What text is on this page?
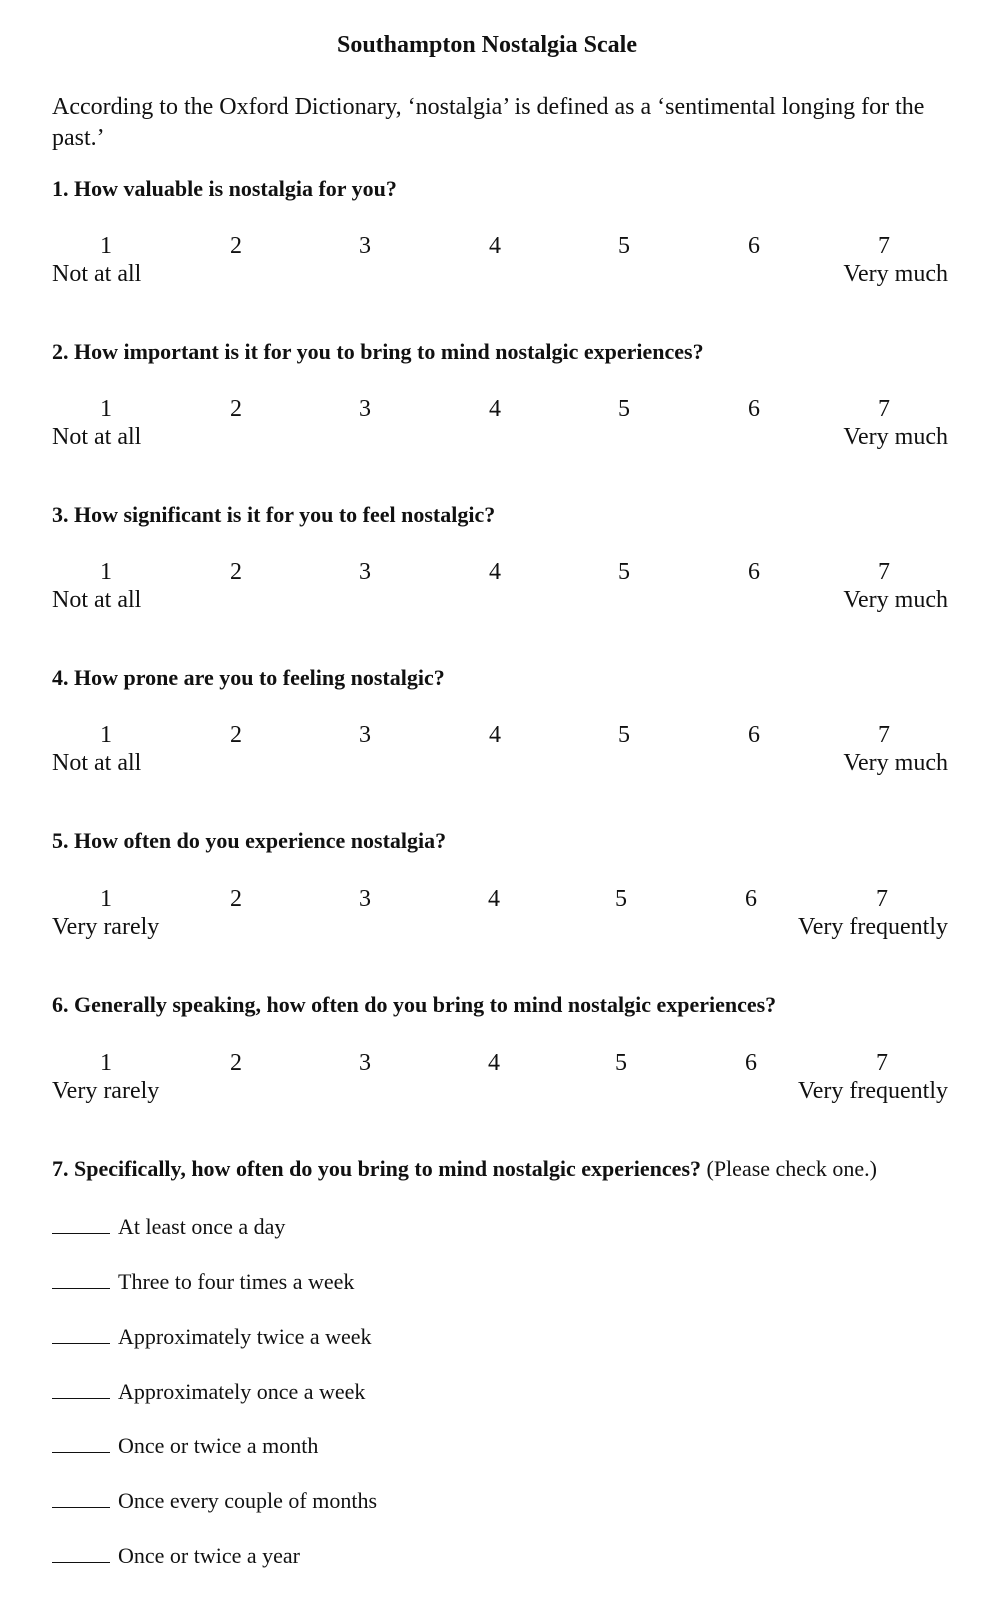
Southampton Nostalgia Scale

According to the Oxford Dictionary, ‘nostalgia’ is defined as a ‘sentimental longing for the past.’

1. How valuable is nostalgia for you?

1	2	3	4	5	6	7
Not at all	Very much

2. How important is it for you to bring to mind nostalgic experiences?

1	2	3	4	5	6	7
Not at all	Very much

3. How significant is it for you to feel nostalgic?

1	2	3	4	5	6	7
Not at all	Very much

4. How prone are you to feeling nostalgic?

1	2	3	4	5	6	7
Not at all	Very much

5. How often do you experience nostalgia?

1	2	3	4	5	6	7
Very rarely	Very frequently

6. Generally speaking, how often do you bring to mind nostalgic experiences?

1	2	3	4	5	6	7
Very rarely	Very frequently

7. Specifically, how often do you bring to mind nostalgic experiences? (Please check one.)

At least once a day
Three to four times a week
Approximately twice a week
Approximately once a week
Once or twice a month
Once every couple of months
Once or twice a year
